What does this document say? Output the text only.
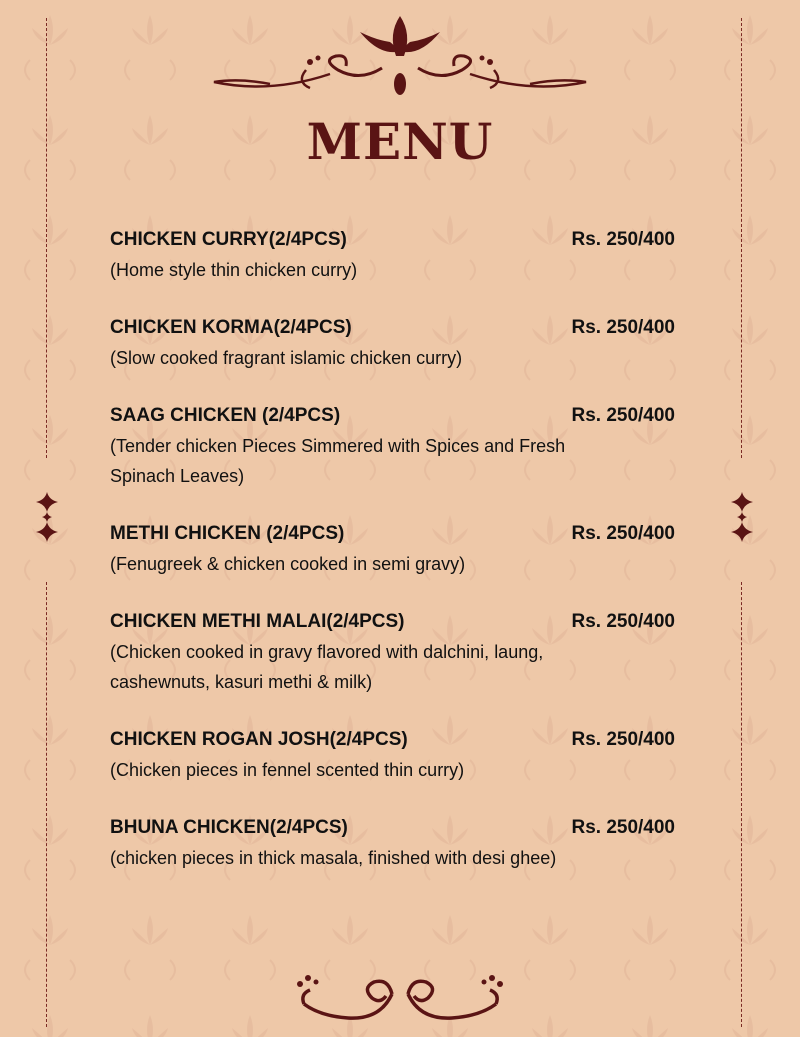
MENU
CHICKEN CURRY(2/4PCS)	Rs. 250/400
(Home style thin chicken curry)
CHICKEN KORMA(2/4PCS)	Rs. 250/400
(Slow cooked fragrant islamic chicken curry)
SAAG CHICKEN (2/4PCS)	Rs. 250/400
(Tender chicken Pieces Simmered with Spices and Fresh Spinach Leaves)
METHI CHICKEN (2/4PCS)	Rs. 250/400
(Fenugreek & chicken cooked in semi gravy)
CHICKEN METHI MALAI(2/4PCS)	Rs. 250/400
(Chicken cooked in gravy flavored with dalchini, laung, cashewnuts, kasuri methi & milk)
CHICKEN ROGAN JOSH(2/4PCS)	Rs. 250/400
(Chicken pieces in fennel scented thin curry)
BHUNA CHICKEN(2/4PCS)	Rs. 250/400
(chicken pieces in thick masala, finished with desi ghee)
